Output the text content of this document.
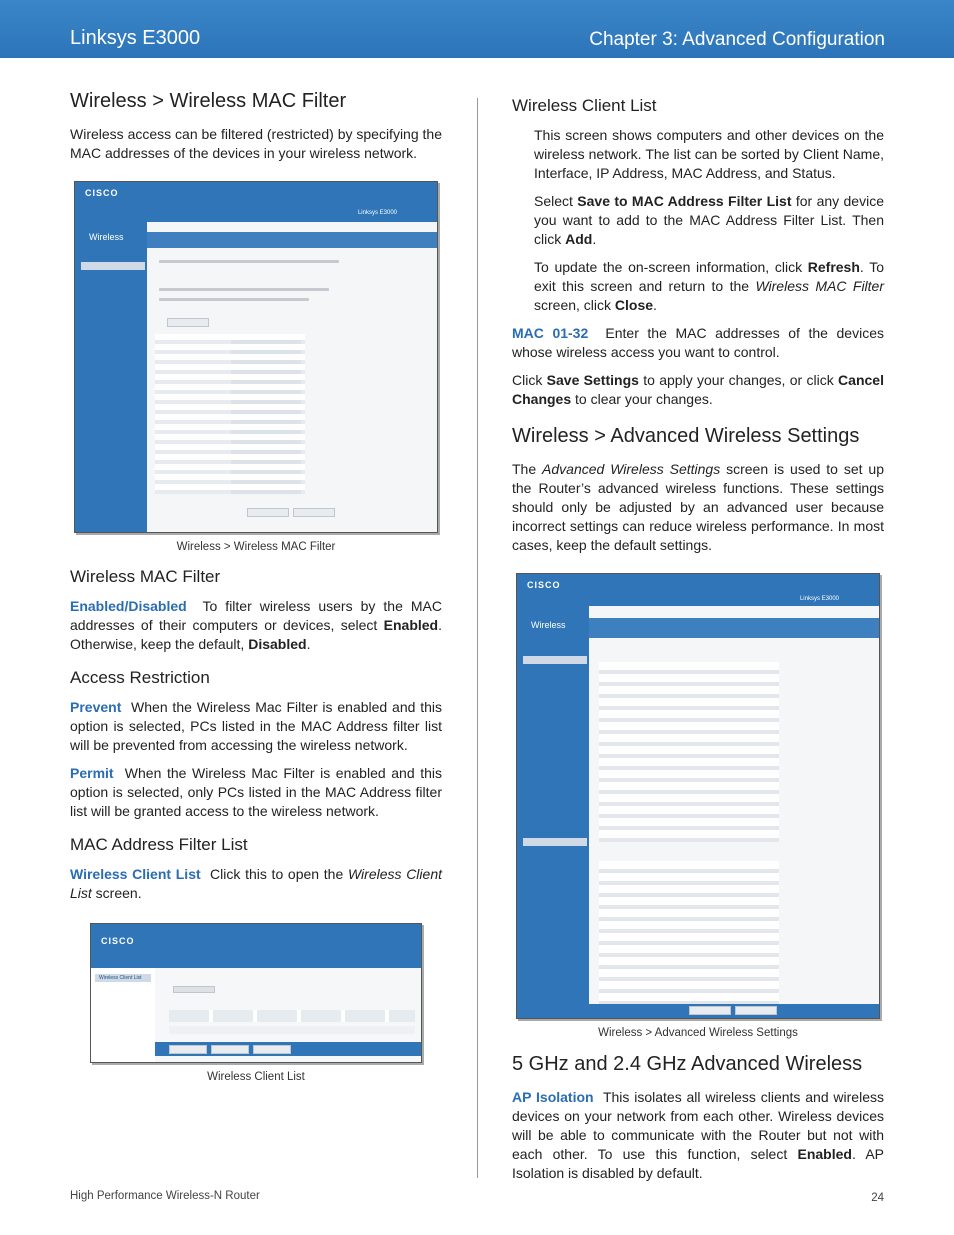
Linksys E3000	Chapter 3: Advanced Configuration
Wireless > Wireless MAC Filter

Wireless access can be filtered (restricted) by specifying the MAC addresses of the devices in your wireless network.

CISCO
Linksys E3000
Wireless
Wireless > Wireless MAC Filter
Wireless MAC Filter

Enabled/Disabled To filter wireless users by the MAC addresses of their computers or devices, select Enabled. Otherwise, keep the default, Disabled.

Access Restriction

Prevent When the Wireless Mac Filter is enabled and this option is selected, PCs listed in the MAC Address filter list will be prevented from accessing the wireless network.

Permit When the Wireless Mac Filter is enabled and this option is selected, only PCs listed in the MAC Address filter list will be granted access to the wireless network.

MAC Address Filter List

Wireless Client List Click this to open the Wireless Client List screen.

CISCO
Wireless Client List
Wireless Client List
Wireless Client List

This screen shows computers and other devices on the wireless network. The list can be sorted by Client Name, Interface, IP Address, MAC Address, and Status.

Select Save to MAC Address Filter List for any device you want to add to the MAC Address Filter List. Then click Add.

To update the on-screen information, click Refresh. To exit this screen and return to the Wireless MAC Filter screen, click Close.

MAC 01-32 Enter the MAC addresses of the devices whose wireless access you want to control.

Click Save Settings to apply your changes, or click Cancel Changes to clear your changes.

Wireless > Advanced Wireless Settings

The Advanced Wireless Settings screen is used to set up the Router’s advanced wireless functions. These settings should only be adjusted by an advanced user because incorrect settings can reduce wireless performance. In most cases, keep the default settings.

CISCO
Linksys E3000
Wireless
Wireless > Advanced Wireless Settings
5 GHz and 2.4 GHz Advanced Wireless

AP Isolation This isolates all wireless clients and wireless devices on your network from each other. Wireless devices will be able to communicate with the Router but not with each other. To use this function, select Enabled. AP Isolation is disabled by default.

High Performance Wireless-N Router	24
